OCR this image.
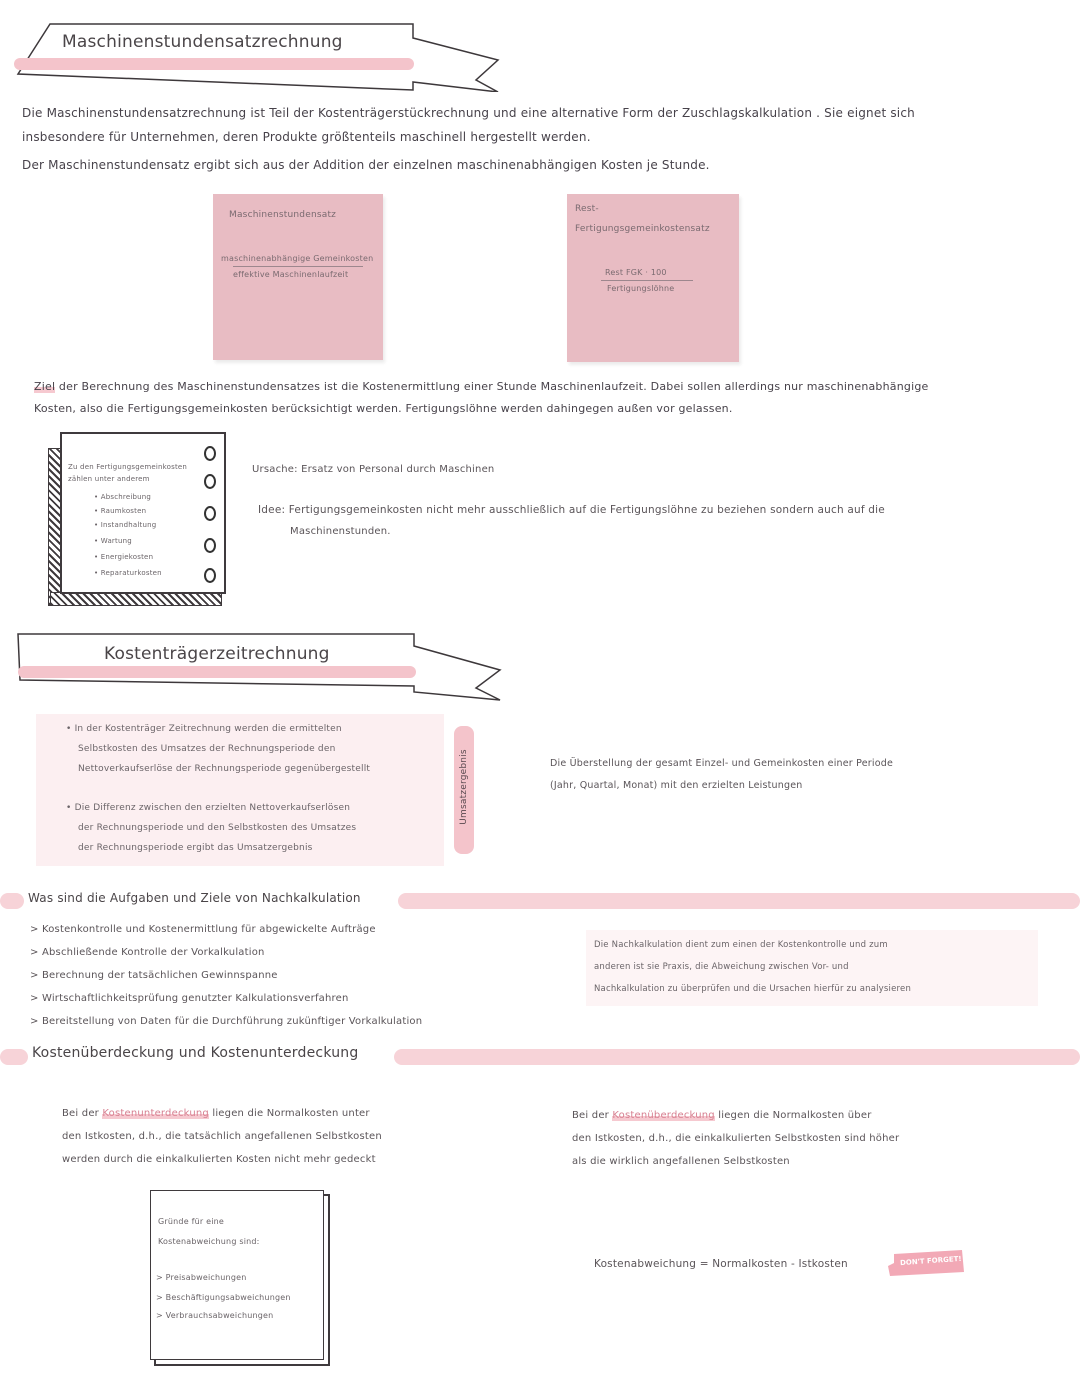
Maschinenstundensatzrechnung
Die Maschinenstundensatzrechnung ist Teil der Kostenträgerstückrechnung und eine alternative Form der Zuschlagskalkulation . Sie eignet sich
insbesondere für Unternehmen, deren Produkte größtenteils maschinell hergestellt werden.
Der Maschinenstundensatz ergibt sich aus der Addition der einzelnen maschinenabhängigen Kosten je Stunde.
Maschinenstundensatz
maschinenabhängige Gemeinkosten
effektive Maschinenlaufzeit
Rest-
Fertigungsgemeinkostensatz
Rest FGK · 100
Fertigungslöhne
Ziel der Berechnung des Maschinenstundensatzes ist die Kostenermittlung einer Stunde Maschinenlaufzeit. Dabei sollen allerdings nur maschinenabhängige
Kosten, also die Fertigungsgemeinkosten berücksichtigt werden. Fertigungslöhne werden dahingegen außen vor gelassen.
Zu den Fertigungsgemeinkosten
zählen unter anderem
• Abschreibung
• Raumkosten
• Instandhaltung
• Wartung
• Energiekosten
• Reparaturkosten
Ursache: Ersatz von Personal durch Maschinen
Idee: Fertigungsgemeinkosten nicht mehr ausschließlich auf die Fertigungslöhne zu beziehen sondern auch auf die
Maschinenstunden.
Kostenträgerzeitrechnung
• In der Kostenträger Zeitrechnung werden die ermittelten
Selbstkosten des Umsatzes der Rechnungsperiode den
Nettoverkaufserlöse der Rechnungsperiode gegenübergestellt
• Die Differenz zwischen den erzielten Nettoverkaufserlösen
der Rechnungsperiode und den Selbstkosten des Umsatzes
der Rechnungsperiode ergibt das Umsatzergebnis
Umsatzergebnis	Die Überstellung der gesamt Einzel- und Gemeinkosten einer Periode
(Jahr, Quartal, Monat) mit den erzielten Leistungen
Was sind die Aufgaben und Ziele von Nachkalkulation
> Kostenkontrolle und Kostenermittlung für abgewickelte Aufträge
> Abschließende Kontrolle der Vorkalkulation
> Berechnung der tatsächlichen Gewinnspanne
> Wirtschaftlichkeitsprüfung genutzter Kalkulationsverfahren
> Bereitstellung von Daten für die Durchführung zukünftiger Vorkalkulation
Die Nachkalkulation dient zum einen der Kostenkontrolle und zum
anderen ist sie Praxis, die Abweichung zwischen Vor- und
Nachkalkulation zu überprüfen und die Ursachen hierfür zu analysieren
Kostenüberdeckung und Kostenunterdeckung
Bei der Kostenunterdeckung liegen die Normalkosten unter
den Istkosten, d.h., die tatsächlich angefallenen Selbstkosten
werden durch die einkalkulierten Kosten nicht mehr gedeckt
Bei der Kostenüberdeckung liegen die Normalkosten über
den Istkosten, d.h., die einkalkulierten Selbstkosten sind höher
als die wirklich angefallenen Selbstkosten
Gründe für eine
Kostenabweichung sind:
> Preisabweichungen
> Beschäftigungsabweichungen
> Verbrauchsabweichungen
Kostenabweichung = Normalkosten - Istkosten	DON'T FORGET!
